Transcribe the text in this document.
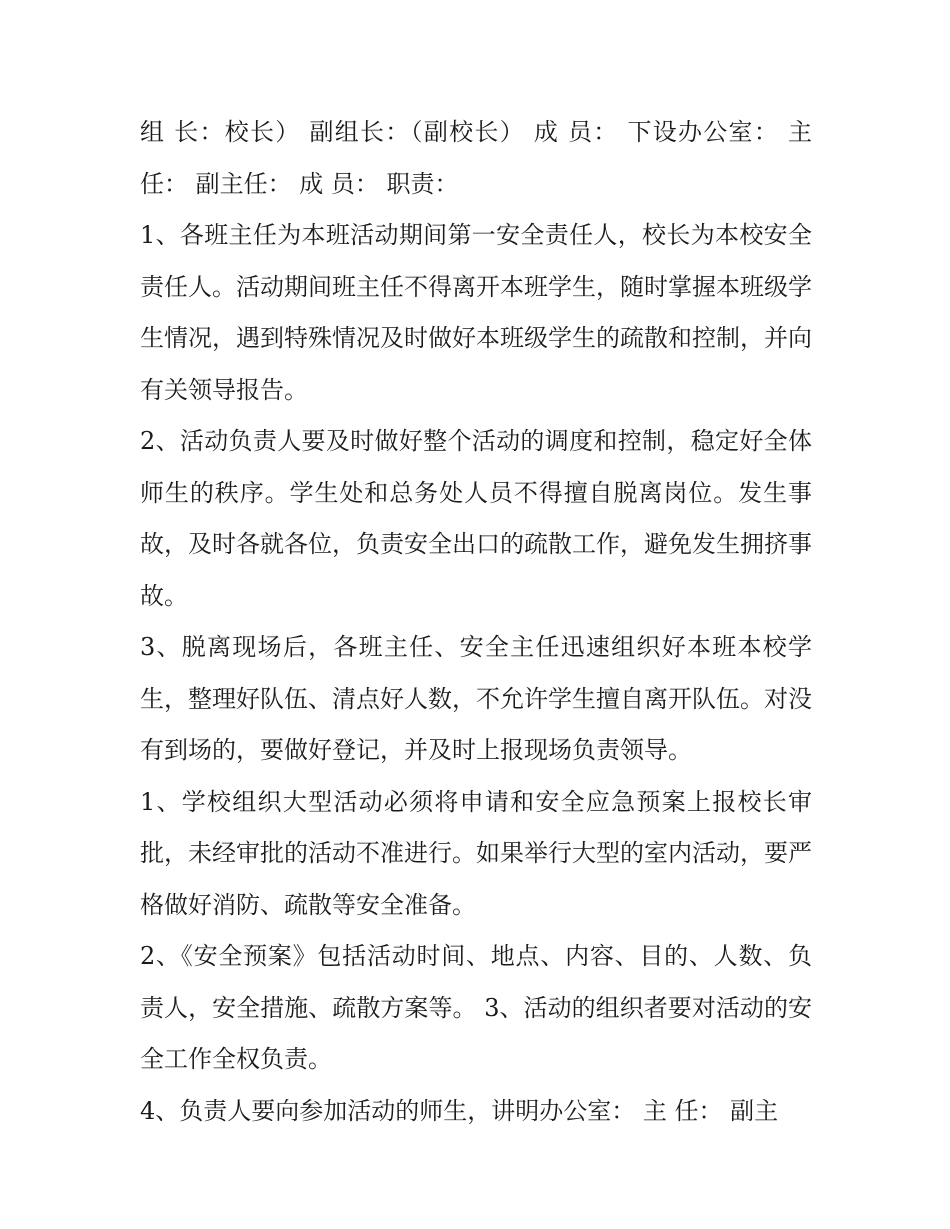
组 长：校长） 副组长：（副校长） 成 员： 下设办公室： 主任： 副主任： 成 员： 职责：

1、各班主任为本班活动期间第一安全责任人，校长为本校安全责任人。活动期间班主任不得离开本班学生，随时掌握本班级学生情况，遇到特殊情况及时做好本班级学生的疏散和控制，并向有关领导报告。

2、活动负责人要及时做好整个活动的调度和控制，稳定好全体师生的秩序。学生处和总务处人员不得擅自脱离岗位。发生事故，及时各就各位，负责安全出口的疏散工作，避免发生拥挤事故。

3、脱离现场后，各班主任、安全主任迅速组织好本班本校学生，整理好队伍、清点好人数，不允许学生擅自离开队伍。对没有到场的，要做好登记，并及时上报现场负责领导。

1、学校组织大型活动必须将申请和安全应急预案上报校长审批，未经审批的活动不准进行。如果举行大型的室内活动，要严格做好消防、疏散等安全准备。

2、《安全预案》包括活动时间、地点、内容、目的、人数、负责人，安全措施、疏散方案等。 3、活动的组织者要对活动的安全工作全权负责。

4、负责人要向参加活动的师生，讲明办公室： 主 任： 副主
